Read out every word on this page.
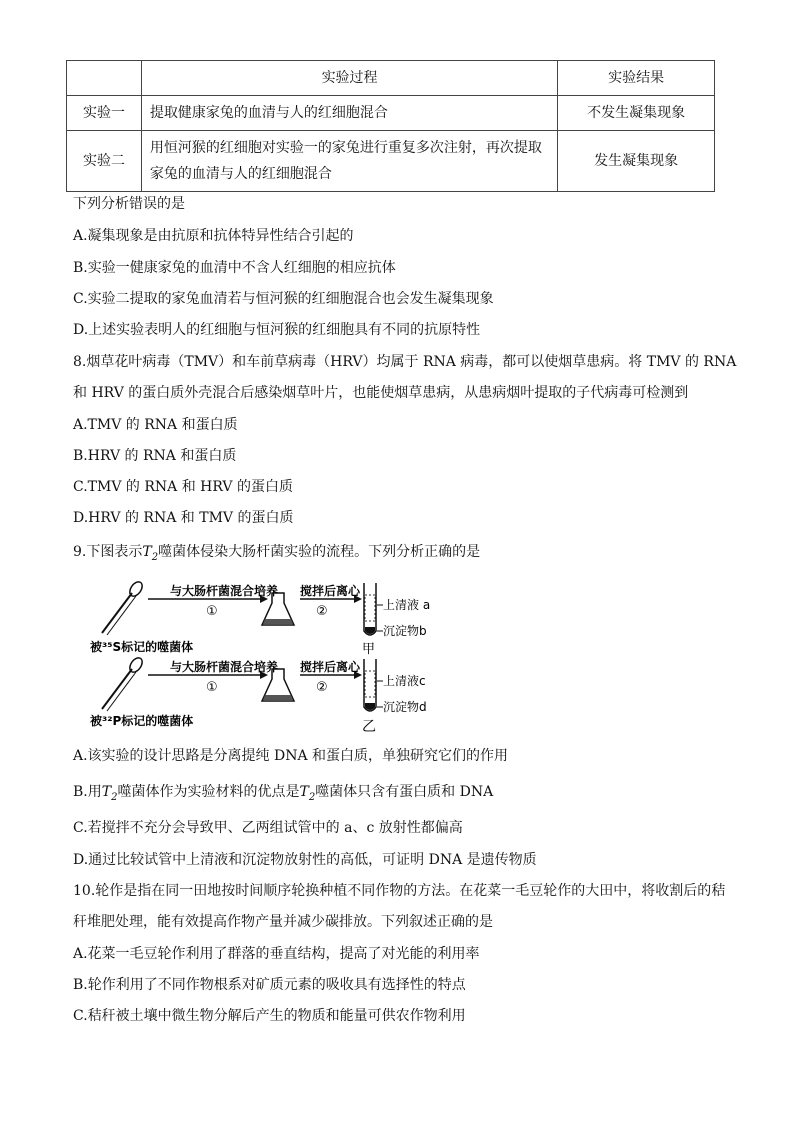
	实验过程	实验结果
实验一	提取健康家兔的血清与人的红细胞混合	不发生凝集现象
实验二	用恒河猴的红细胞对实验一的家兔进行重复多次注射，再次提取家兔的血清与人的红细胞混合	发生凝集现象
下列分析错误的是
A.凝集现象是由抗原和抗体特异性结合引起的
B.实验一健康家兔的血清中不含人红细胞的相应抗体
C.实验二提取的家兔血清若与恒河猴的红细胞混合也会发生凝集现象
D.上述实验表明人的红细胞与恒河猴的红细胞具有不同的抗原特性
8.烟草花叶病毒（TMV）和车前草病毒（HRV）均属于 RNA 病毒，都可以使烟草患病。将 TMV 的 RNA
和 HRV 的蛋白质外壳混合后感染烟草叶片，也能使烟草患病，从患病烟叶提取的子代病毒可检测到
A.TMV 的 RNA 和蛋白质
B.HRV 的 RNA 和蛋白质
C.TMV 的 RNA 和 HRV 的蛋白质
D.HRV 的 RNA 和 TMV 的蛋白质
9.下图表示$T_2$噬菌体侵染大肠杆菌实验的流程。下列分析正确的是
与大肠杆菌混合培养
①
搅拌后离心
②	上清液 a
沉淀物b
甲
被³⁵S标记的噬菌体
与大肠杆菌混合培养
①
搅拌后离心
②	上清液c
沉淀物d
乙
被³²P标记的噬菌体
A.该实验的设计思路是分离提纯 DNA 和蛋白质，单独研究它们的作用
B.用$T_2$噬菌体作为实验材料的优点是$T_2$噬菌体只含有蛋白质和 DNA
C.若搅拌不充分会导致甲、乙两组试管中的 a、c 放射性都偏高
D.通过比较试管中上清液和沉淀物放射性的高低，可证明 DNA 是遗传物质
10.轮作是指在同一田地按时间顺序轮换种植不同作物的方法。在花菜一毛豆轮作的大田中，将收割后的秸
秆堆肥处理，能有效提高作物产量并减少碳排放。下列叙述正确的是
A.花菜一毛豆轮作利用了群落的垂直结构，提高了对光能的利用率
B.轮作利用了不同作物根系对矿质元素的吸收具有选择性的特点
C.秸秆被土壤中微生物分解后产生的物质和能量可供农作物利用
